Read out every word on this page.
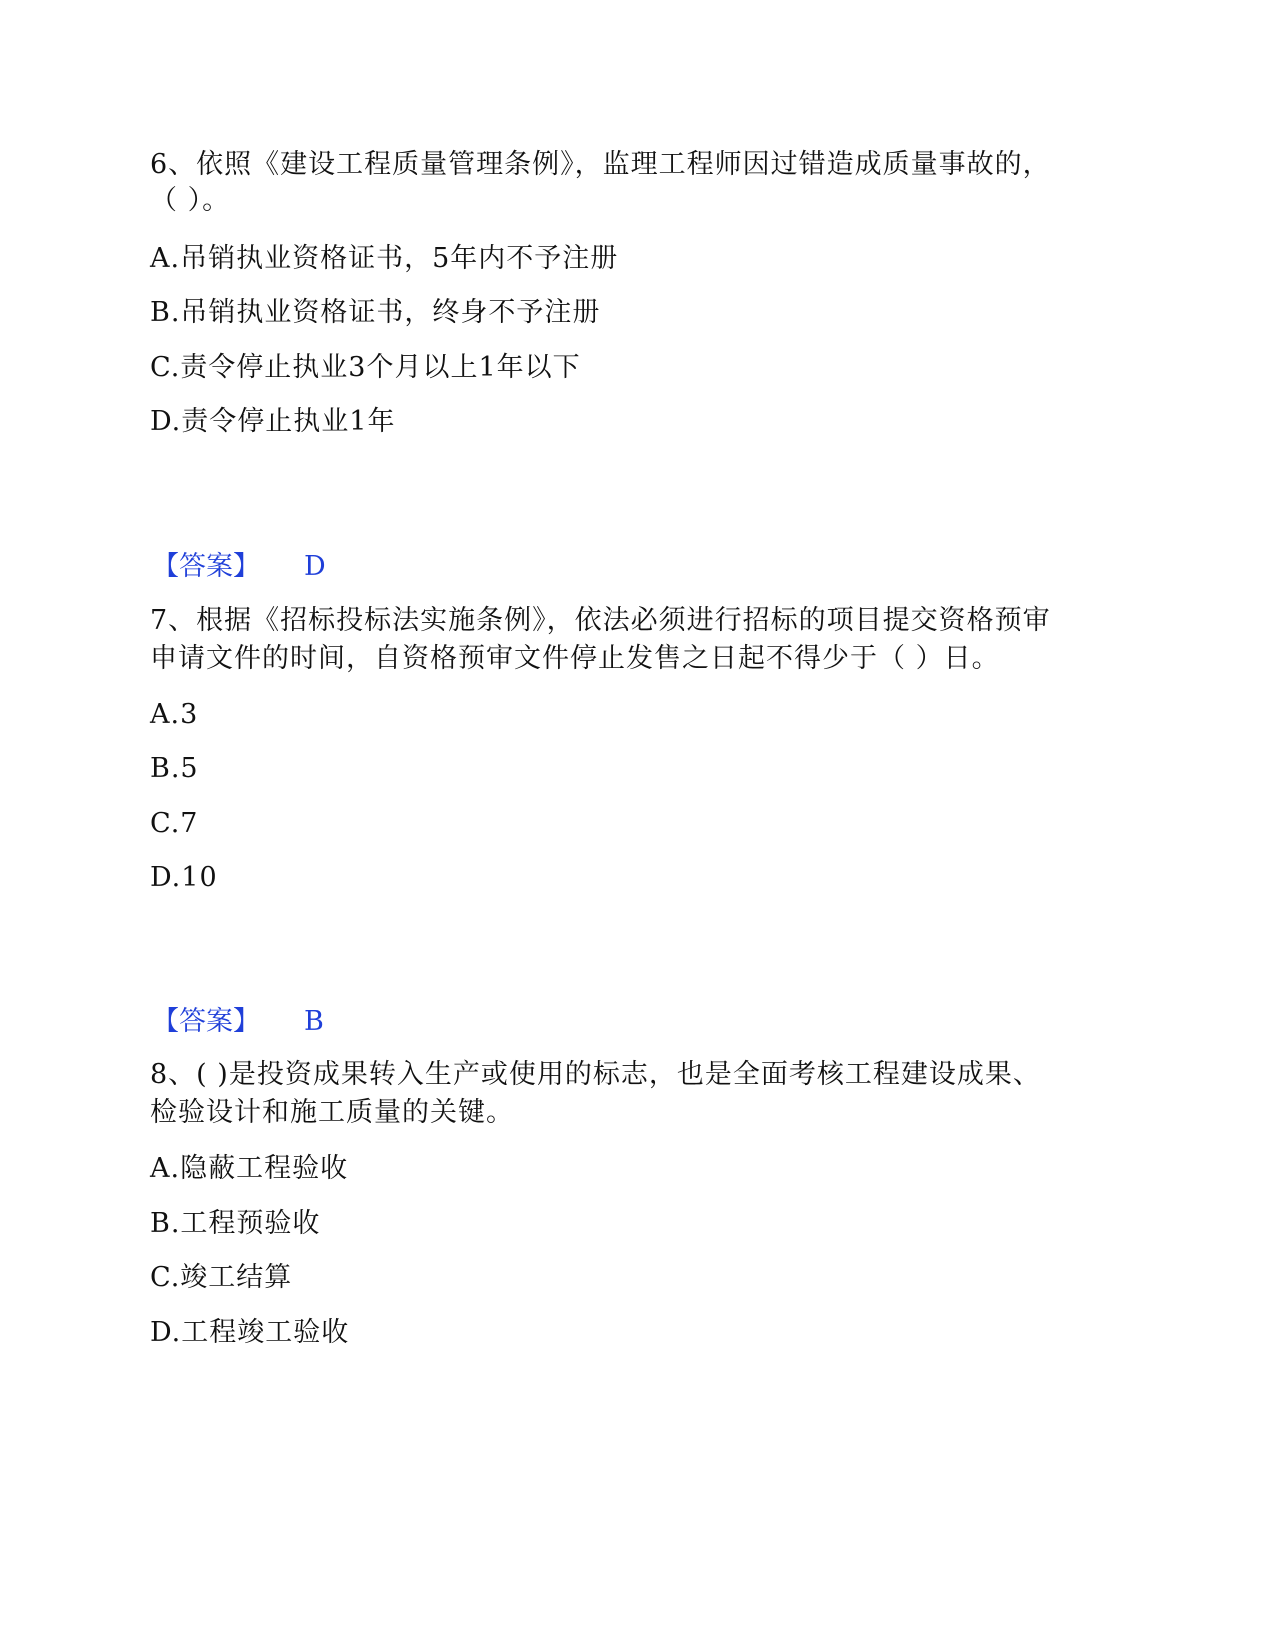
6、依照《建设工程质量管理条例》，监理工程师因过错造成质量事故的，
（ ）。
A.吊销执业资格证书，5年内不予注册
B.吊销执业资格证书，终身不予注册
C.责令停止执业3个月以上1年以下
D.责令停止执业1年
【答案】 D
7、根据《招标投标法实施条例》，依法必须进行招标的项目提交资格预审
申请文件的时间，自资格预审文件停止发售之日起不得少于（ ）日。
A.3
B.5
C.7
D.10
【答案】 B
8、( )是投资成果转入生产或使用的标志，也是全面考核工程建设成果、
检验设计和施工质量的关键。
A.隐蔽工程验收
B.工程预验收
C.竣工结算
D.工程竣工验收
